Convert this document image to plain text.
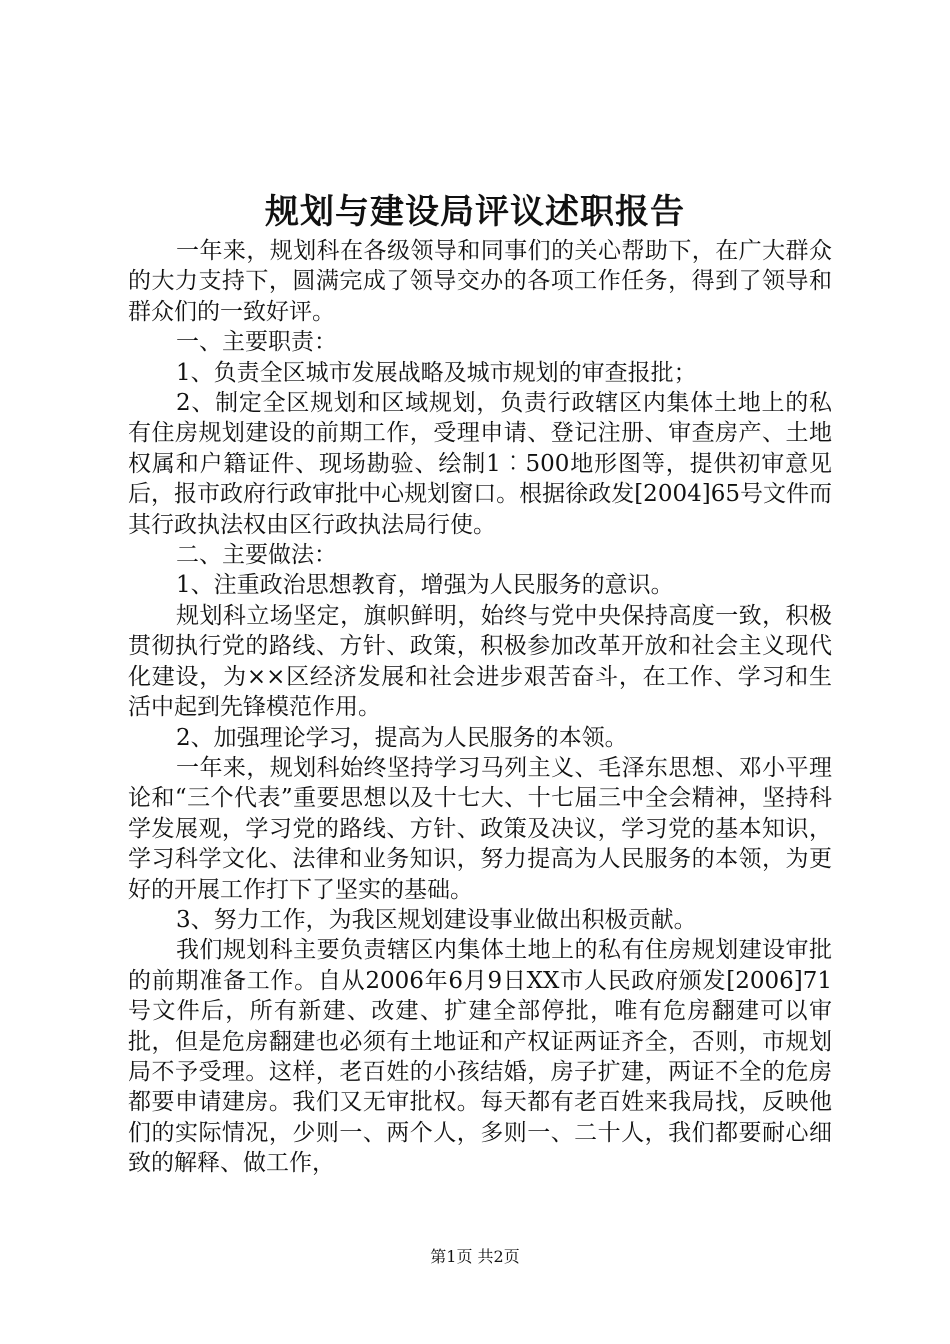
规划与建设局评议述职报告

一年来，规划科在各级领导和同事们的关心帮助下，在广大群众的大力支持下，圆满完成了领导交办的各项工作任务，得到了领导和群众们的一致好评。

一、主要职责：

1、负责全区城市发展战略及城市规划的审查报批；

2、制定全区规划和区域规划，负责行政辖区内集体土地上的私有住房规划建设的前期工作，受理申请、登记注册、审查房产、土地权属和户籍证件、现场勘验、绘制1︰500地形图等，提供初审意见后，报市政府行政审批中心规划窗口。根据徐政发[2004]65号文件而其行政执法权由区行政执法局行使。

二、主要做法：

1、注重政治思想教育，增强为人民服务的意识。

规划科立场坚定，旗帜鲜明，始终与党中央保持高度一致，积极贯彻执行党的路线、方针、政策，积极参加改革开放和社会主义现代化建设，为××区经济发展和社会进步艰苦奋斗，在工作、学习和生活中起到先锋模范作用。

2、加强理论学习，提高为人民服务的本领。

一年来，规划科始终坚持学习马列主义、毛泽东思想、邓小平理论和“三个代表”重要思想以及十七大、十七届三中全会精神，坚持科学发展观，学习党的路线、方针、政策及决议，学习党的基本知识，学习科学文化、法律和业务知识，努力提高为人民服务的本领，为更好的开展工作打下了坚实的基础。

3、努力工作，为我区规划建设事业做出积极贡献。

我们规划科主要负责辖区内集体土地上的私有住房规划建设审批的前期准备工作。自从2006年6月9日XX市人民政府颁发[2006]71号文件后，所有新建、改建、扩建全部停批，唯有危房翻建可以审批，但是危房翻建也必须有土地证和产权证两证齐全，否则，市规划局不予受理。这样，老百姓的小孩结婚，房子扩建，两证不全的危房都要申请建房。我们又无审批权。每天都有老百姓来我局找，反映他们的实际情况，少则一、两个人，多则一、二十人，我们都要耐心细致的解释、做工作，

第1页 共2页
